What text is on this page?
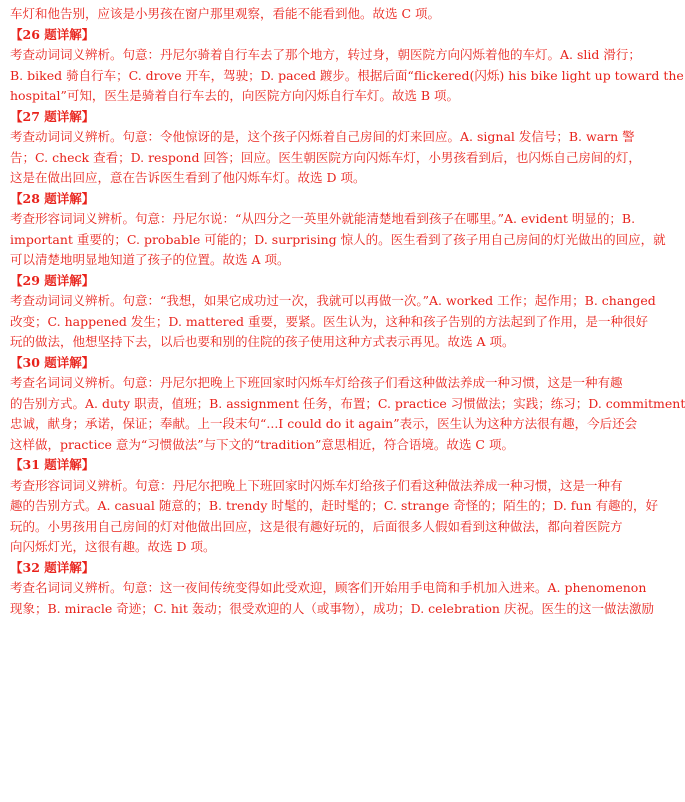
车灯和他告别，应该是小男孩在窗户那里观察，看能不能看到他。故选 C 项。
【26 题详解】
考查动词词义辨析。句意：丹尼尔骑着自行车去了那个地方，转过身，朝医院方向闪烁着他的车灯。A. slid 滑行；
B. biked 骑自行车；C. drove 开车，驾驶；D. paced 踱步。根据后面“flickered(闪烁) his bike light up toward the
hospital”可知，医生是骑着自行车去的，向医院方向闪烁自行车灯。故选 B 项。
【27 题详解】
考查动词词义辨析。句意：令他惊讶的是，这个孩子闪烁着自己房间的灯来回应。A. signal 发信号；B. warn 警
告；C. check 查看；D. respond 回答；回应。医生朝医院方向闪烁车灯，小男孩看到后，也闪烁自己房间的灯，
这是在做出回应，意在告诉医生看到了他闪烁车灯。故选 D 项。
【28 题详解】
考查形容词词义辨析。句意：丹尼尔说：“从四分之一英里外就能清楚地看到孩子在哪里。”A. evident 明显的；B.
important 重要的；C. probable 可能的；D. surprising 惊人的。医生看到了孩子用自己房间的灯光做出的回应，就
可以清楚地明显地知道了孩子的位置。故选 A 项。
【29 题详解】
考查动词词义辨析。句意：“我想，如果它成功过一次，我就可以再做一次。”A. worked 工作；起作用；B. changed
改变；C. happened 发生；D. mattered 重要，要紧。医生认为，这种和孩子告别的方法起到了作用，是一种很好
玩的做法，他想坚持下去，以后也要和别的住院的孩子使用这种方式表示再见。故选 A 项。
【30 题详解】
考查名词词义辨析。句意：丹尼尔把晚上下班回家时闪烁车灯给孩子们看这种做法养成一种习惯，这是一种有趣
的告别方式。A. duty 职责，值班；B. assignment 任务，布置；C. practice 习惯做法；实践；练习；D. commitment
忠诚，献身；承诺，保证；奉献。上一段末句“...I could do it again”表示，医生认为这种方法很有趣，今后还会
这样做，practice 意为“习惯做法”与下文的“tradition”意思相近，符合语境。故选 C 项。
【31 题详解】
考查形容词词义辨析。句意：丹尼尔把晚上下班回家时闪烁车灯给孩子们看这种做法养成一种习惯，这是一种有
趣的告别方式。A. casual 随意的；B. trendy 时髦的，赶时髦的；C. strange 奇怪的；陌生的；D. fun 有趣的，好
玩的。小男孩用自己房间的灯对他做出回应，这是很有趣好玩的，后面很多人假如看到这种做法，都向着医院方
向闪烁灯光，这很有趣。故选 D 项。
【32 题详解】
考查名词词义辨析。句意：这一夜间传统变得如此受欢迎，顾客们开始用手电筒和手机加入进来。A. phenomenon
现象；B. miracle 奇迹；C. hit 轰动；很受欢迎的人（或事物），成功；D. celebration 庆祝。医生的这一做法激励
